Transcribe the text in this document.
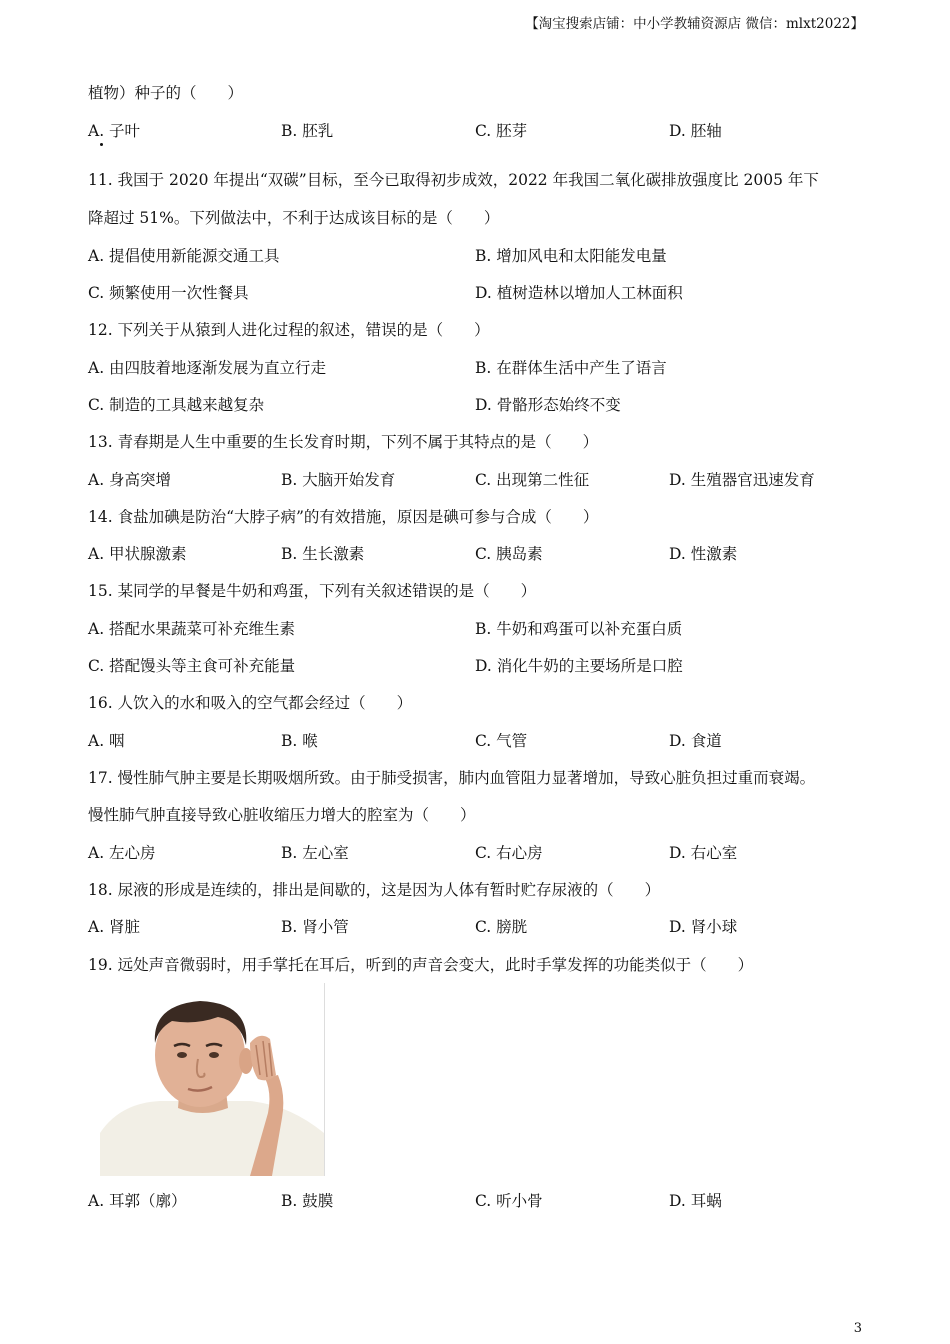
【淘宝搜索店铺：中小学教辅资源店 微信：mlxt2022】
植物）种子的（　　）
A. 子叶	B. 胚乳	C. 胚芽	D. 胚轴
11. 我国于 2020 年提出“双碳”目标，至今已取得初步成效，2022 年我国二氧化碳排放强度比 2005 年下
降超过 51%。下列做法中，不利于达成该目标的是（　　）
A. 提倡使用新能源交通工具	B. 增加风电和太阳能发电量
C. 频繁使用一次性餐具	D. 植树造林以增加人工林面积
12. 下列关于从猿到人进化过程的叙述，错误的是（　　）
A. 由四肢着地逐渐发展为直立行走	B. 在群体生活中产生了语言
C. 制造的工具越来越复杂	D. 骨骼形态始终不变
13. 青春期是人生中重要的生长发育时期，下列不属于其特点的是（　　）
A. 身高突增	B. 大脑开始发育	C. 出现第二性征	D. 生殖器官迅速发育
14. 食盐加碘是防治“大脖子病”的有效措施，原因是碘可参与合成（　　）
A. 甲状腺激素	B. 生长激素	C. 胰岛素	D. 性激素
15. 某同学的早餐是牛奶和鸡蛋，下列有关叙述错误的是（　　）
A. 搭配水果蔬菜可补充维生素	B. 牛奶和鸡蛋可以补充蛋白质
C. 搭配馒头等主食可补充能量	D. 消化牛奶的主要场所是口腔
16. 人饮入的水和吸入的空气都会经过（　　）
A. 咽	B. 喉	C. 气管	D. 食道
17. 慢性肺气肿主要是长期吸烟所致。由于肺受损害，肺内血管阻力显著增加，导致心脏负担过重而衰竭。
慢性肺气肿直接导致心脏收缩压力增大的腔室为（　　）
A. 左心房	B. 左心室	C. 右心房	D. 右心室
18. 尿液的形成是连续的，排出是间歇的，这是因为人体有暂时贮存尿液的（　　）
A. 肾脏	B. 肾小管	C. 膀胱	D. 肾小球
19. 远处声音微弱时，用手掌托在耳后，听到的声音会变大，此时手掌发挥的功能类似于（　　）
A. 耳郭（廓）	B. 鼓膜	C. 听小骨	D. 耳蜗
3
